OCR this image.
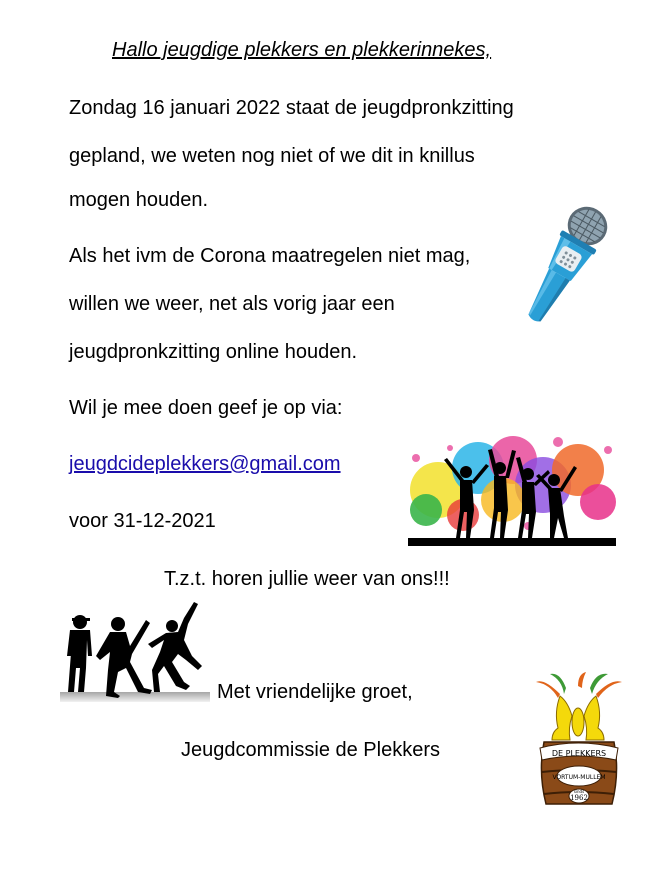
Hallo jeugdige plekkers en plekkerinnekes,
Zondag 16 januari 2022 staat de jeugdpronkzitting
gepland, we weten nog niet of we dit in knillus
mogen houden.
Als het ivm de Corona maatregelen niet mag,
willen we weer, net als vorig jaar een
jeugdpronkzitting online houden.
Wil je mee doen geef je op via:
jeugdcideplekkers@gmail.com
voor 31-12-2021
T.z.t. horen jullie weer van ons!!!
Met vriendelijke groet,
Jeugdcommissie de Plekkers	DE PLEKKERS
VORTUM-MULLEM
sinds
1962
